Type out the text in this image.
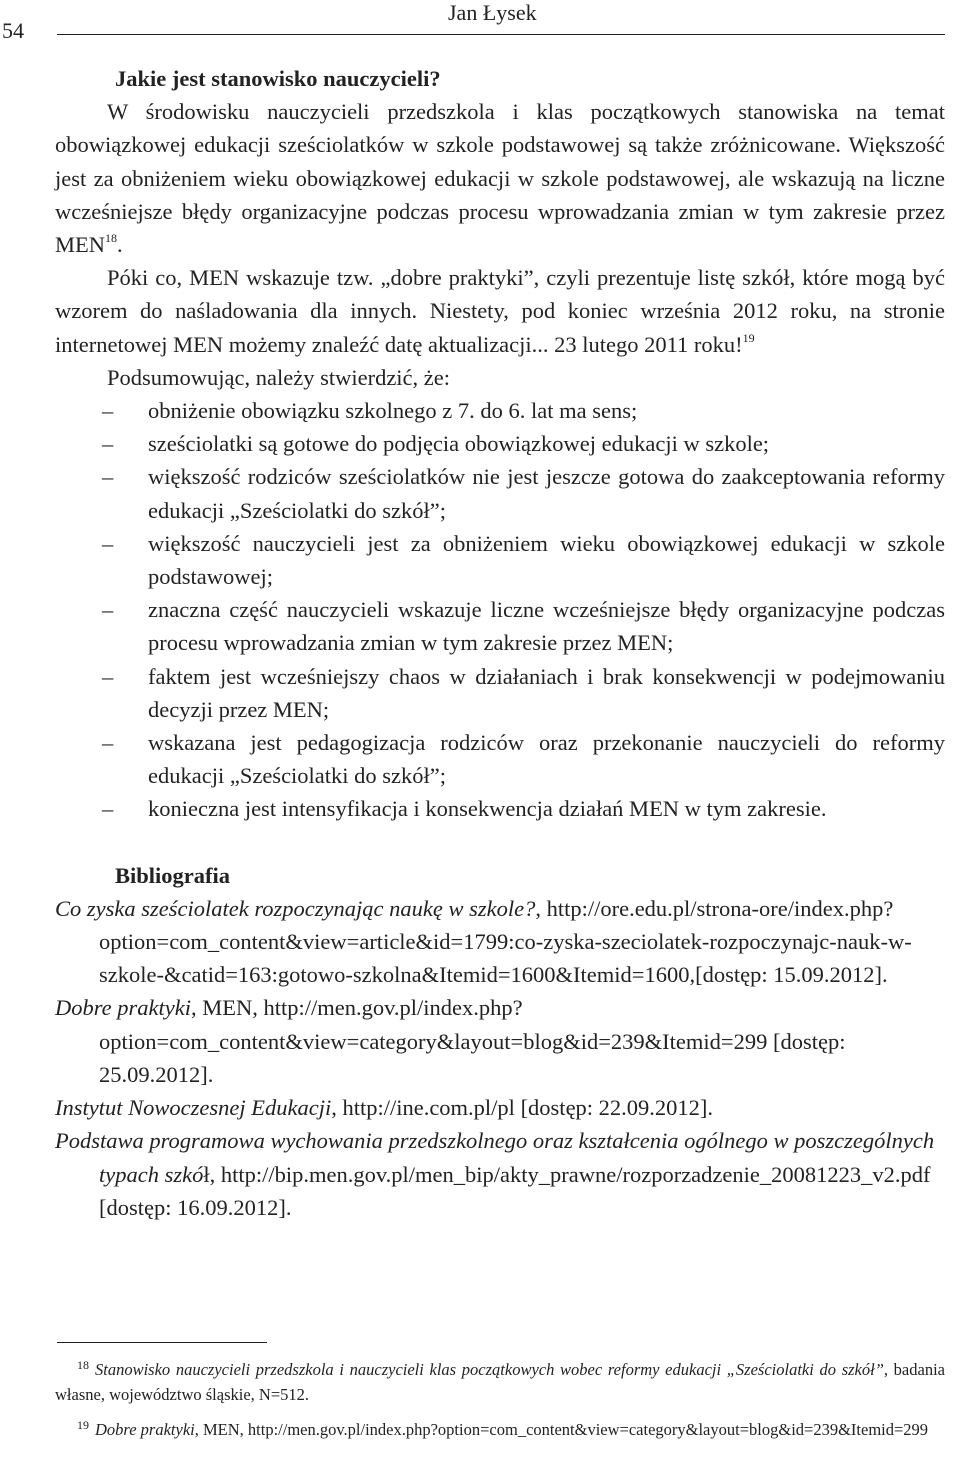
54
Jan Łysek
Jakie jest stanowisko nauczycieli?

W środowisku nauczycieli przedszkola i klas początkowych stanowiska na temat obowiązkowej edukacji sześciolatków w szkole podstawowej są także zróżnicowane. Większość jest za obniżeniem wieku obowiązkowej edukacji w szkole podstawowej, ale wskazują na liczne wcześniejsze błędy organizacyjne podczas procesu wprowadzania zmian w tym zakresie przez MEN$^{18}$.

Póki co, MEN wskazuje tzw. „dobre praktyki”, czyli prezentuje listę szkół, które mogą być wzorem do naśladowania dla innych. Niestety, pod koniec września 2012 roku, na stronie internetowej MEN możemy znaleźć datę aktualizacji... 23 lutego 2011 roku!$^{19}$

Podsumowując, należy stwierdzić, że:

– obniżenie obowiązku szkolnego z 7. do 6. lat ma sens;
– sześciolatki są gotowe do podjęcia obowiązkowej edukacji w szkole;
– większość rodziców sześciolatków nie jest jeszcze gotowa do zaakceptowania reformy edukacji „Sześciolatki do szkół”;
– większość nauczycieli jest za obniżeniem wieku obowiązkowej edukacji w szkole podstawowej;
– znaczna część nauczycieli wskazuje liczne wcześniejsze błędy organizacyjne podczas procesu wprowadzania zmian w tym zakresie przez MEN;
– faktem jest wcześniejszy chaos w działaniach i brak konsekwencji w podejmowaniu decyzji przez MEN;
– wskazana jest pedagogizacja rodziców oraz przekonanie nauczycieli do reformy edukacji „Sześciolatki do szkół”;
– konieczna jest intensyfikacja i konsekwencja działań MEN w tym zakresie.
Bibliografia
Co zyska sześciolatek rozpoczynając naukę w szkole?, http://ore.edu.pl/strona-ore/index.php?option=com_content&view=article&id=1799:co-zyska-szeciolatek-rozpoczynajc-nauk-w-szkole-&catid=163:gotowo-szkolna&Itemid=1600&Itemid=1600,[dostęp: 15.09.2012].
Dobre praktyki, MEN, http://men.gov.pl/index.php?option=com_content&view=category&layout=blog&id=239&Itemid=299 [dostęp: 25.09.2012].
Instytut Nowoczesnej Edukacji, http://ine.com.pl/pl [dostęp: 22.09.2012].
Podstawa programowa wychowania przedszkolnego oraz kształcenia ogólnego w poszczególnych typach szkół, http://bip.men.gov.pl/men_bip/akty_prawne/rozporzadzenie_20081223_v2.pdf [dostęp: 16.09.2012].

$^{18}$ Stanowisko nauczycieli przedszkola i nauczycieli klas początkowych wobec reformy edukacji „Sześciolatki do szkół”, badania własne, województwo śląskie, N=512.

$^{19}$ Dobre praktyki, MEN, http://men.gov.pl/index.php?option=com_content&view=category&layout=blog&id=239&Itemid=299
